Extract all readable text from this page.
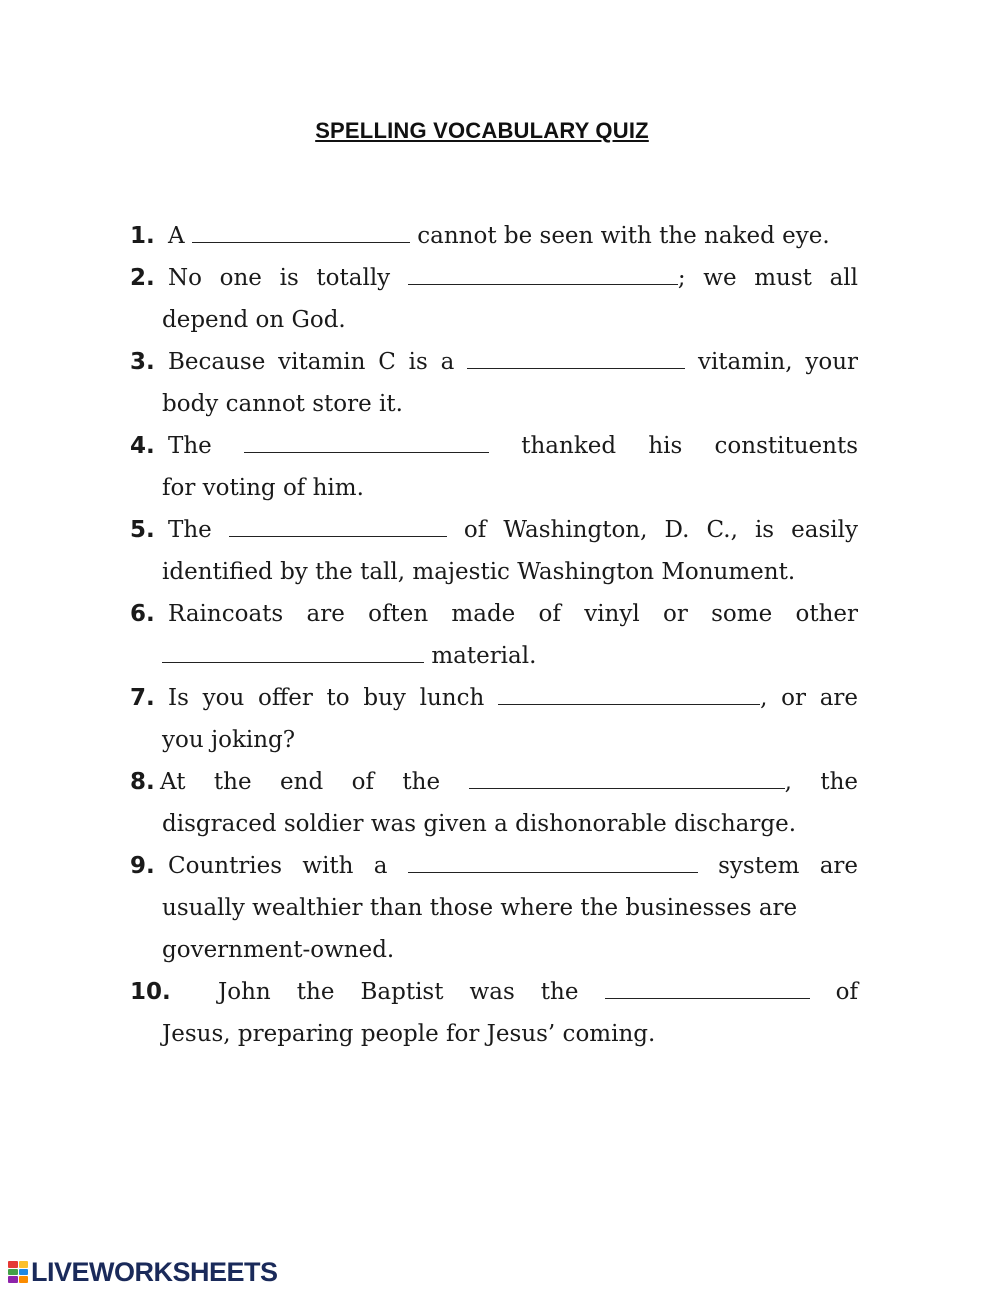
SPELLING VOCABULARY QUIZ
1. A	cannot be seen with the naked eye.
2. No one is totally	; we must all
depend on God.
3. Because vitamin C is a	vitamin, your
body cannot store it.
4. The	thanked his constituents
for voting of him.
5. The	of Washington, D. C., is easily
identified by the tall, majestic Washington Monument.
6. Raincoats are often made of vinyl or some other
material.
7. Is you offer to buy lunch	, or are
you joking?
8. At the end of the	, the
disgraced soldier was given a dishonorable discharge.
9. Countries with a	system are
usually wealthier than those where the businesses are
government-owned.
10. John the Baptist was the	of
Jesus, preparing people for Jesus’ coming.
LIVEWORKSHEETS
